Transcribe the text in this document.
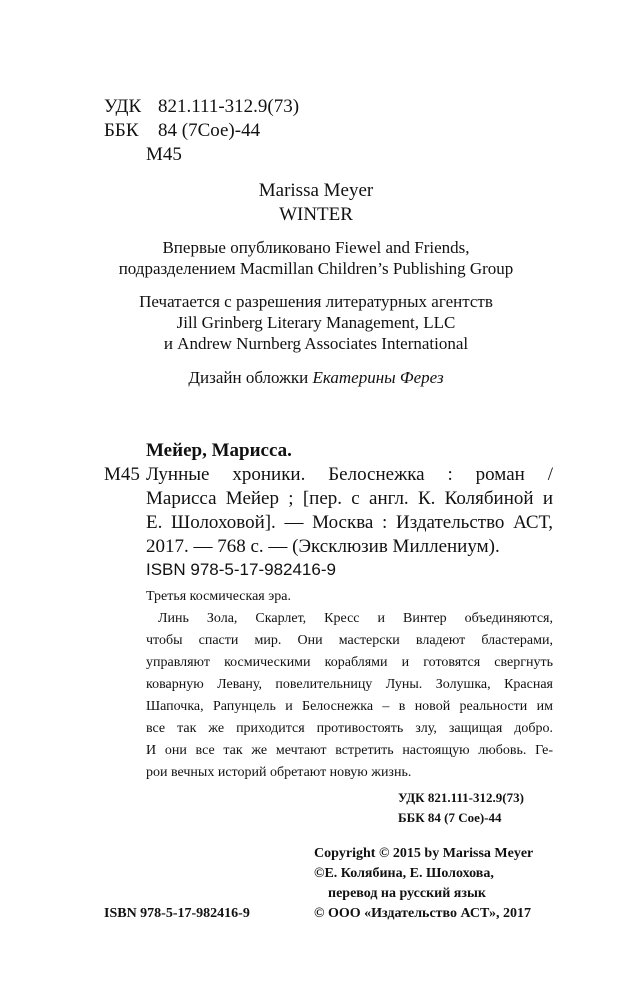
УДК 821.111-312.9(73)
ББК 84 (7Сое)-44
М45
Marissa Meyer
WINTER
Впервые опубликовано Fiewel and Friends,
подразделением Macmillan Children’s Publishing Group
Печатается с разрешения литературных агентств
Jill Grinberg Literary Management, LLC
и Andrew Nurnberg Associates International
Дизайн обложки Екатерины Ферез
Мейер, Марисса.
М45 Лунные хроники. Белоснежка : роман /
Марисса Мейер ; [пер. с англ. К. Колябиной и
Е. Шолоховой]. — Москва : Издательство АСТ,
2017. — 768 с. — (Эксклюзив Миллениум).
ISBN 978-5-17-982416-9
Третья космическая эра.
Линь Зола, Скарлет, Кресс и Винтер объединяются,
чтобы спасти мир. Они мастерски владеют бластерами,
управляют космическими кораблями и готовятся свергнуть
коварную Левану, повелительницу Луны. Золушка, Красная
Шапочка, Рапунцель и Белоснежка – в новой реальности им
все так же приходится противостоять злу, защищая добро.
И они все так же мечтают встретить настоящую любовь. Ге-
рои вечных историй обретают новую жизнь.
УДК 821.111-312.9(73)
ББК 84 (7 Сое)-44
Copyright © 2015 by Marissa Meyer
©Е. Колябина, Е. Шолохова,
перевод на русский язык
© ООО «Издательство АСТ», 2017
ISBN 978-5-17-982416-9
